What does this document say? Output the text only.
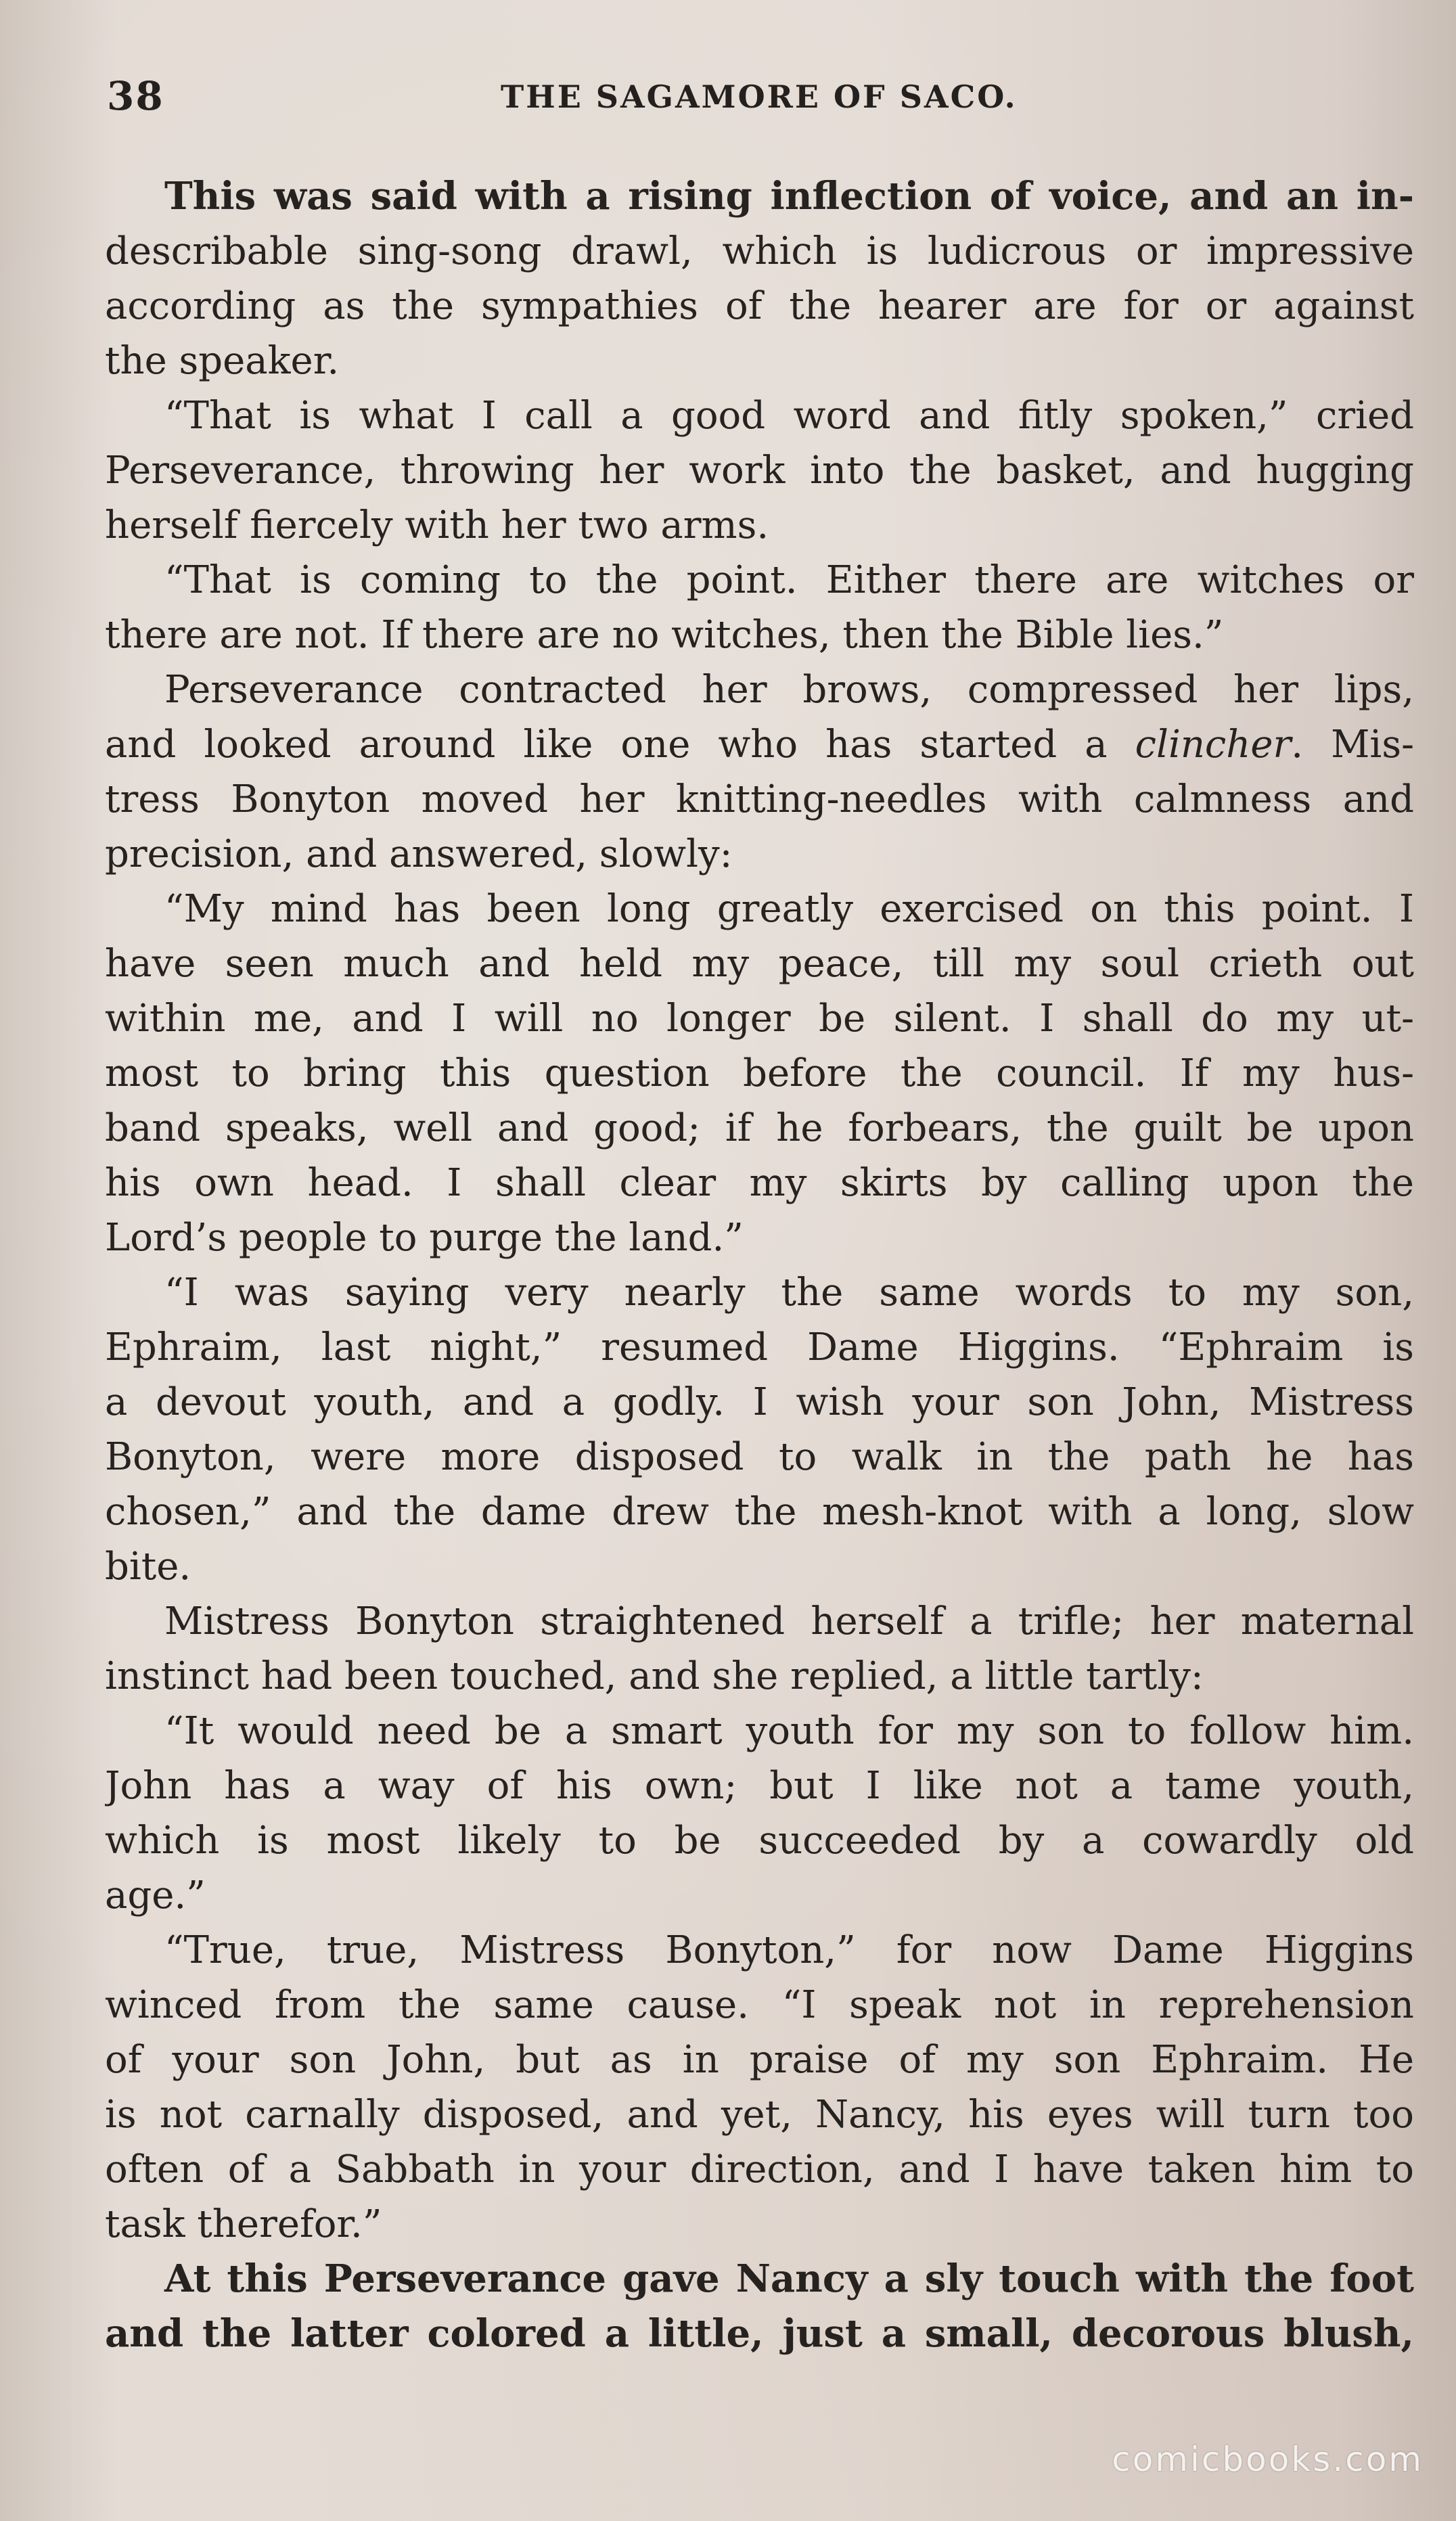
38	THE SAGAMORE OF SACO.

This was said with a rising inflection of voice, and an in-
describable sing-song drawl, which is ludicrous or impressive
according as the sympathies of the hearer are for or against
the speaker.
“That is what I call a good word and fitly spoken,” cried
Perseverance, throwing her work into the basket, and hugging
herself fiercely with her two arms.
“That is coming to the point. Either there are witches or
there are not. If there are no witches, then the Bible lies.”
Perseverance contracted her brows, compressed her lips,
and looked around like one who has started a clincher. Mis-
tress Bonyton moved her knitting-needles with calmness and
precision, and answered, slowly:
“My mind has been long greatly exercised on this point. I
have seen much and held my peace, till my soul crieth out
within me, and I will no longer be silent. I shall do my ut-
most to bring this question before the council. If my hus-
band speaks, well and good; if he forbears, the guilt be upon
his own head. I shall clear my skirts by calling upon the
Lord’s people to purge the land.”
“I was saying very nearly the same words to my son,
Ephraim, last night,” resumed Dame Higgins. “Ephraim is
a devout youth, and a godly. I wish your son John, Mistress
Bonyton, were more disposed to walk in the path he has
chosen,” and the dame drew the mesh-knot with a long, slow
bite.
Mistress Bonyton straightened herself a trifle; her maternal
instinct had been touched, and she replied, a little tartly:
“It would need be a smart youth for my son to follow him.
John has a way of his own; but I like not a tame youth,
which is most likely to be succeeded by a cowardly old
age.”
“True, true, Mistress Bonyton,” for now Dame Higgins
winced from the same cause. “I speak not in reprehension
of your son John, but as in praise of my son Ephraim. He
is not carnally disposed, and yet, Nancy, his eyes will turn too
often of a Sabbath in your direction, and I have taken him to
task therefor.”
At this Perseverance gave Nancy a sly touch with the foot
and the latter colored a little, just a small, decorous blush,

comicbooks.com
